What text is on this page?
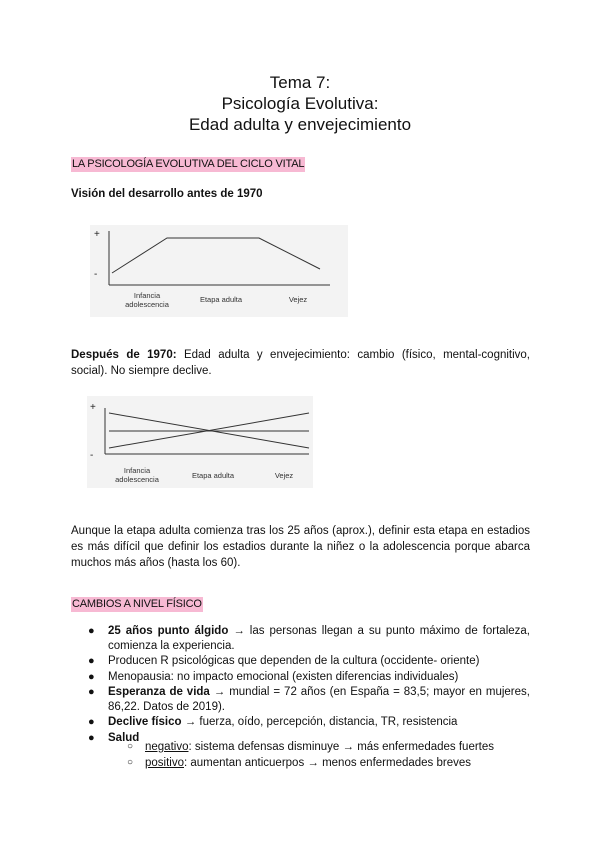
Tema 7:
Psicología Evolutiva:
Edad adulta y envejecimiento
LA PSICOLOGÍA EVOLUTIVA DEL CICLO VITAL
Visión del desarrollo antes de 1970
+
-
Infancia
adolescencia
Etapa adulta	Vejez
Después de 1970: Edad adulta y envejecimiento: cambio (físico, mental-cognitivo, social). No siempre declive.
+
-
Infancia
adolescencia	Etapa adulta	Vejez
Aunque la etapa adulta comienza tras los 25 años (aprox.), definir esta etapa en estadios es más difícil que definir los estadios durante la niñez o la adolescencia porque abarca muchos más años (hasta los 60).
CAMBIOS A NIVEL FÍSICO
● 25 años punto álgido → las personas llegan a su punto máximo de fortaleza, comienza la experiencia.
● Producen R psicológicas que dependen de la cultura (occidente- oriente)
● Menopausia: no impacto emocional (existen diferencias individuales)
● Esperanza de vida → mundial = 72 años (en España = 83,5; mayor en mujeres, 86,22. Datos de 2019).
● Declive físico → fuerza, oído, percepción, distancia, TR, resistencia
● Salud
○ negativo: sistema defensas disminuye → más enfermedades fuertes
○ positivo: aumentan anticuerpos → menos enfermedades breves
